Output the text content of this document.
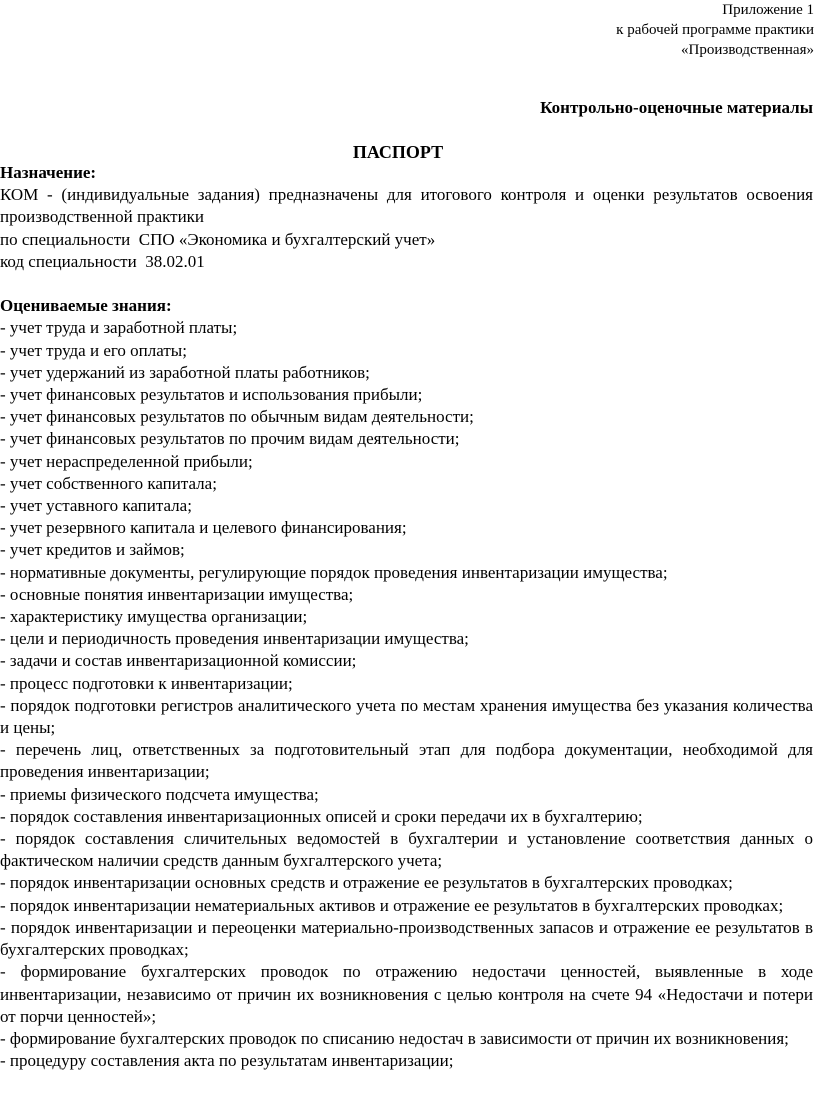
Приложение 1
к рабочей программе практики
«Производственная»
Контрольно-оценочные материалы
ПАСПОРТ

Назначение:

КОМ - (индивидуальные задания) предназначены для итогового контроля и оценки результатов освоения производственной практики

по специальности  СПО «Экономика и бухгалтерский учет»

код специальности  38.02.01

Оцениваемые знания:

- учет труда и заработной платы;
- учет труда и его оплаты;
- учет удержаний из заработной платы работников;
- учет финансовых результатов и использования прибыли;
- учет финансовых результатов по обычным видам деятельности;
- учет финансовых результатов по прочим видам деятельности;
- учет нераспределенной прибыли;
- учет собственного капитала;
- учет уставного капитала;
- учет резервного капитала и целевого финансирования;
- учет кредитов и займов;
- нормативные документы, регулирующие порядок проведения инвентаризации имущества;
- основные понятия инвентаризации имущества;
- характеристику имущества организации;
- цели и периодичность проведения инвентаризации имущества;
- задачи и состав инвентаризационной комиссии;
- процесс подготовки к инвентаризации;
- порядок подготовки регистров аналитического учета по местам хранения имущества без указания количества и цены;
- перечень лиц, ответственных за подготовительный этап для подбора документации, необходимой для проведения инвентаризации;
- приемы физического подсчета имущества;
- порядок составления инвентаризационных описей и сроки передачи их в бухгалтерию;
- порядок составления сличительных ведомостей в бухгалтерии и установление соответствия данных о фактическом наличии средств данным бухгалтерского учета;
- порядок инвентаризации основных средств и отражение ее результатов в бухгалтерских проводках;
- порядок инвентаризации нематериальных активов и отражение ее результатов в бухгалтерских проводках;
- порядок инвентаризации и переоценки материально-производственных запасов и отражение ее результатов в бухгалтерских проводках;
- формирование бухгалтерских проводок по отражению недостачи ценностей, выявленные в ходе инвентаризации, независимо от причин их возникновения с целью контроля на счете 94 «Недостачи и потери от порчи ценностей»;
- формирование бухгалтерских проводок по списанию недостач в зависимости от причин их возникновения;
- процедуру составления акта по результатам инвентаризации;
